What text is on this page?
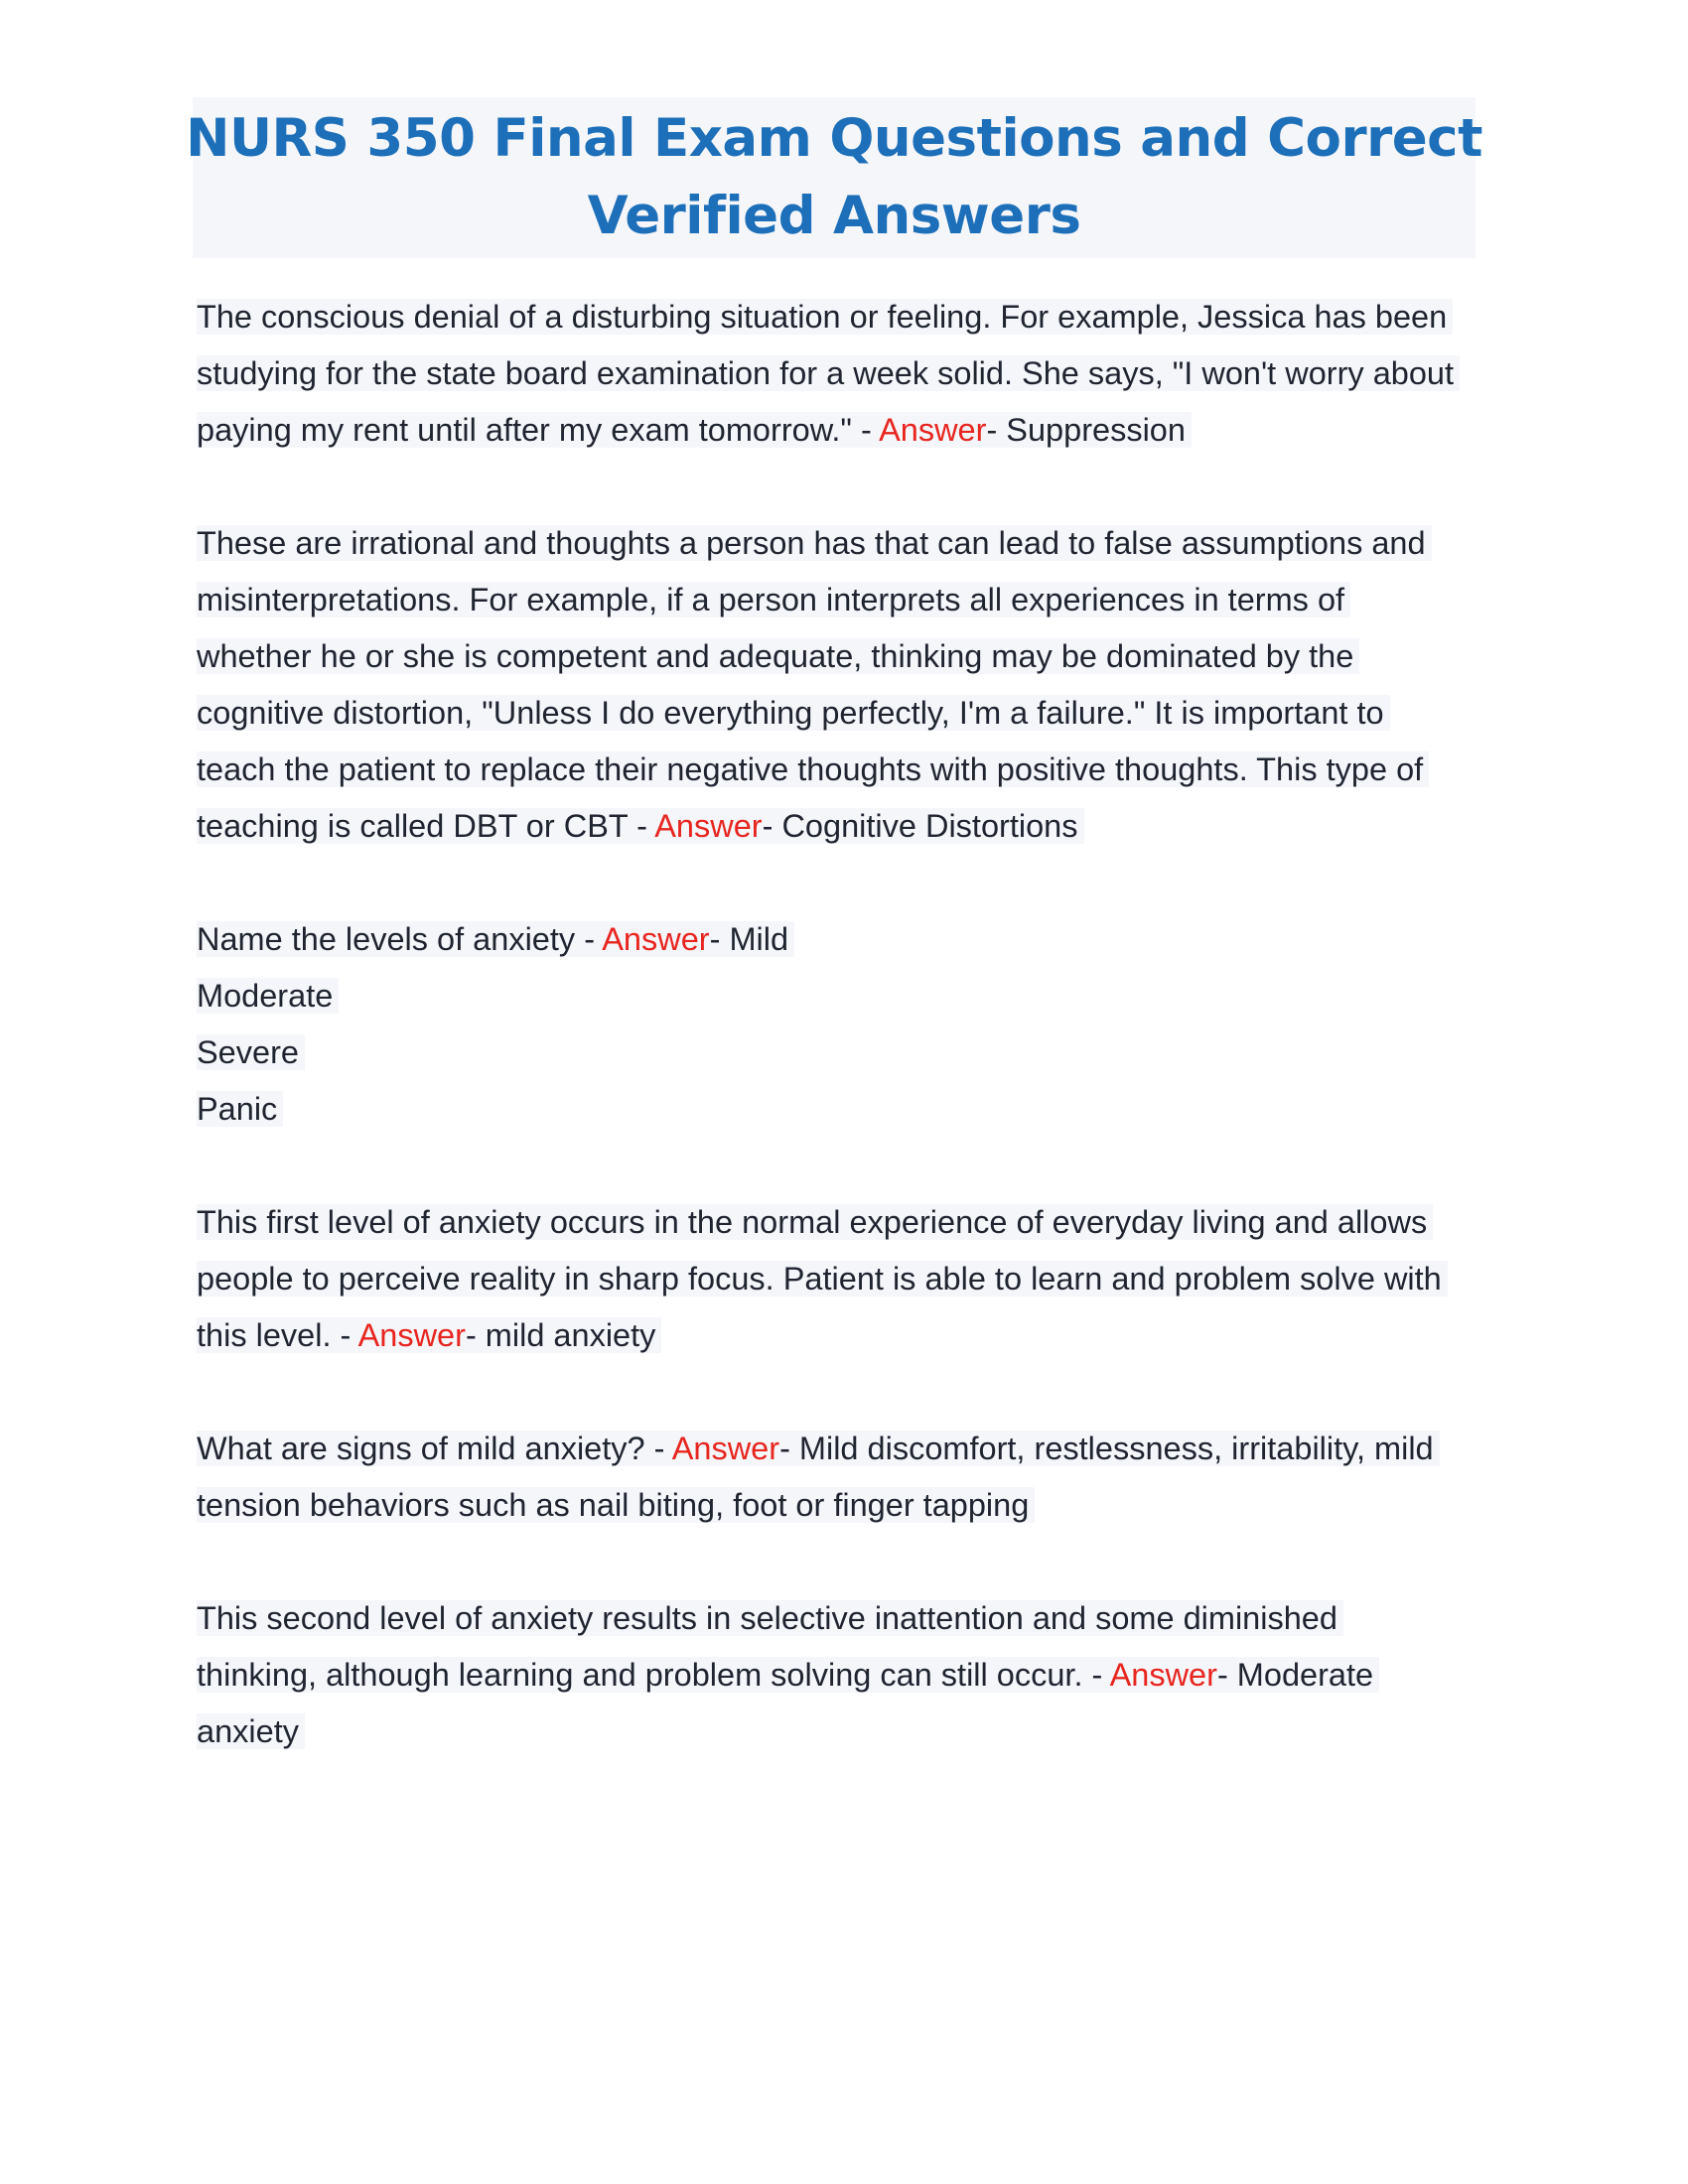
NURS 350 Final Exam Questions and Correct
Verified Answers
The conscious denial of a disturbing situation or feeling. For example, Jessica has been
studying for the state board examination for a week solid. She says, "I won't worry about
paying my rent until after my exam tomorrow." - Answer- Suppression
These are irrational and thoughts a person has that can lead to false assumptions and
misinterpretations. For example, if a person interprets all experiences in terms of
whether he or she is competent and adequate, thinking may be dominated by the
cognitive distortion, "Unless I do everything perfectly, I'm a failure." It is important to
teach the patient to replace their negative thoughts with positive thoughts. This type of
teaching is called DBT or CBT - Answer- Cognitive Distortions
Name the levels of anxiety - Answer- Mild
Moderate
Severe
Panic
This first level of anxiety occurs in the normal experience of everyday living and allows
people to perceive reality in sharp focus. Patient is able to learn and problem solve with
this level. - Answer- mild anxiety
What are signs of mild anxiety? - Answer- Mild discomfort, restlessness, irritability, mild
tension behaviors such as nail biting, foot or finger tapping
This second level of anxiety results in selective inattention and some diminished
thinking, although learning and problem solving can still occur. - Answer- Moderate
anxiety
